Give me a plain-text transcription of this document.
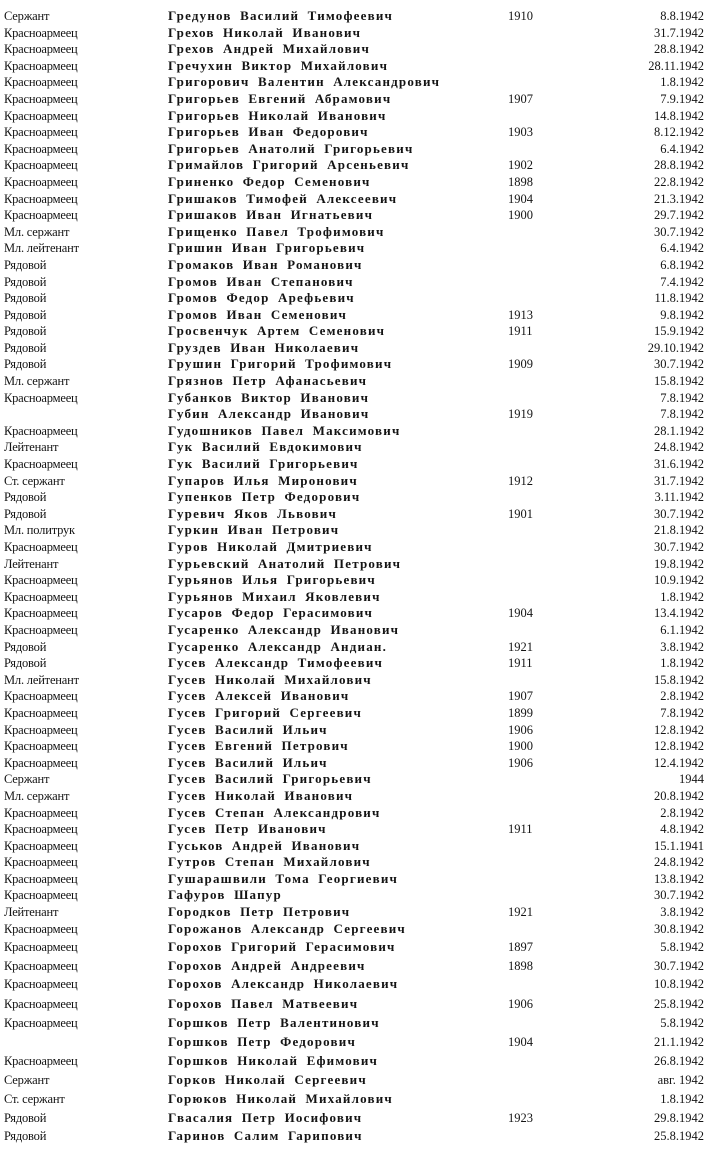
Сержант	Гредунов Василий Тимофеевич	1910	8.8.1942
Красноармеец	Грехов Николай Иванович	31.7.1942
Красноармеец	Грехов Андрей Михайлович	28.8.1942
Красноармеец	Гречухин Виктор Михайлович	28.11.1942
Красноармеец	Григорович Валентин Александрович	1.8.1942
Красноармеец	Григорьев Евгений Абрамович	1907	7.9.1942
Красноармеец	Григорьев Николай Иванович	14.8.1942
Красноармеец	Григорьев Иван Федорович	1903	8.12.1942
Красноармеец	Григорьев Анатолий Григорьевич	6.4.1942
Красноармеец	Гримайлов Григорий Арсеньевич	1902	28.8.1942
Красноармеец	Гриненко Федор Семенович	1898	22.8.1942
Красноармеец	Гришаков Тимофей Алексеевич	1904	21.3.1942
Красноармеец	Гришаков Иван Игнатьевич	1900	29.7.1942
Мл. сержант	Грищенко Павел Трофимович	30.7.1942
Мл. лейтенант	Гришин Иван Григорьевич	6.4.1942
Рядовой	Громаков Иван Романович	6.8.1942
Рядовой	Громов Иван Степанович	7.4.1942
Рядовой	Громов Федор Арефьевич	11.8.1942
Рядовой	Громов Иван Семенович	1913	9.8.1942
Рядовой	Гросвенчук Артем Семенович	1911	15.9.1942
Рядовой	Груздев Иван Николаевич	29.10.1942
Рядовой	Грушин Григорий Трофимович	1909	30.7.1942
Мл. сержант	Грязнов Петр Афанасьевич	15.8.1942
Красноармеец	Губанков Виктор Иванович	7.8.1942
Губин Александр Иванович	1919	7.8.1942
Красноармеец	Гудошников Павел Максимович	28.1.1942
Лейтенант	Гук Василий Евдокимович	24.8.1942
Красноармеец	Гук Василий Григорьевич	31.6.1942
Ст. сержант	Гупаров Илья Миронович	1912	31.7.1942
Рядовой	Гупенков Петр Федорович	3.11.1942
Рядовой	Гуревич Яков Львович	1901	30.7.1942
Мл. политрук	Гуркин Иван Петрович	21.8.1942
Красноармеец	Гуров Николай Дмитриевич	30.7.1942
Лейтенант	Гурьевский Анатолий Петрович	19.8.1942
Красноармеец	Гурьянов Илья Григорьевич	10.9.1942
Красноармеец	Гурьянов Михаил Яковлевич	1.8.1942
Красноармеец	Гусаров Федор Герасимович	1904	13.4.1942
Красноармеец	Гусаренко Александр Иванович	6.1.1942
Рядовой	Гусаренко Александр Андиан.	1921	3.8.1942
Рядовой	Гусев Александр Тимофеевич	1911	1.8.1942
Мл. лейтенант	Гусев Николай Михайлович	15.8.1942
Красноармеец	Гусев Алексей Иванович	1907	2.8.1942
Красноармеец	Гусев Григорий Сергеевич	1899	7.8.1942
Красноармеец	Гусев Василий Ильич	1906	12.8.1942
Красноармеец	Гусев Евгений Петрович	1900	12.8.1942
Красноармеец	Гусев Василий Ильич	1906	12.4.1942
Сержант	Гусев Василий Григорьевич	1944
Мл. сержант	Гусев Николай Иванович	20.8.1942
Красноармеец	Гусев Степан Александрович	2.8.1942
Красноармеец	Гусев Петр Иванович	1911	4.8.1942
Красноармеец	Гуськов Андрей Иванович	15.1.1941
Красноармеец	Гутров Степан Михайлович	24.8.1942
Красноармеец	Гушарашвили Тома Георгиевич	13.8.1942
Красноармеец	Гафуров Шапур	30.7.1942
Лейтенант	Городков Петр Петрович	1921	3.8.1942
Красноармеец	Горожанов Александр Сергеевич	30.8.1942
Красноармеец	Горохов Григорий Герасимович	1897	5.8.1942
Красноармеец	Горохов Андрей Андреевич	1898	30.7.1942
Красноармеец	Горохов Александр Николаевич	10.8.1942
Красноармеец	Горохов Павел Матвеевич	1906	25.8.1942
Красноармеец	Горшков Петр Валентинович	5.8.1942
Горшков Петр Федорович	1904	21.1.1942
Красноармеец	Горшков Николай Ефимович	26.8.1942
Сержант	Горков Николай Сергеевич	авг. 1942
Ст. сержант	Горюков Николай Михайлович	1.8.1942
Рядовой	Гвасалия Петр Иосифович	1923	29.8.1942
Рядовой	Гаринов Салим Гарипович	25.8.1942
